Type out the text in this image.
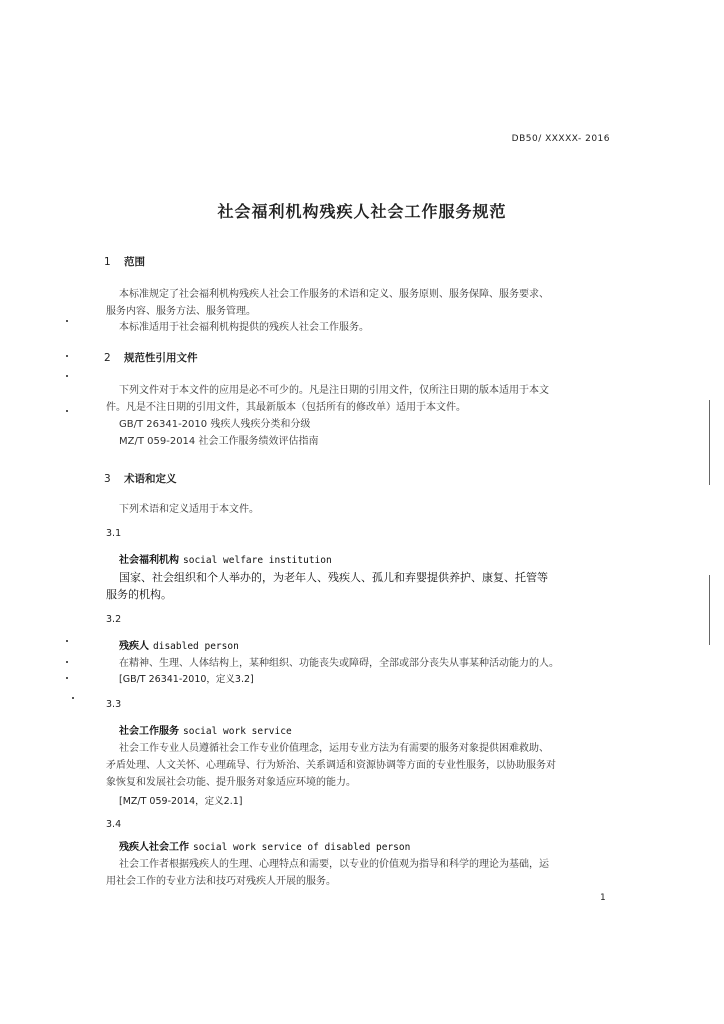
DB50/ XXXXX- 2016
社会福利机构残疾人社会工作服务规范
1 范围
本标准规定了社会福利机构残疾人社会工作服务的术语和定义、服务原则、服务保障、服务要求、
服务内容、服务方法、服务管理。
本标准适用于社会福利机构提供的残疾人社会工作服务。
2 规范性引用文件
下列文件对于本文件的应用是必不可少的。凡是注日期的引用文件，仅所注日期的版本适用于本文
件。凡是不注日期的引用文件，其最新版本（包括所有的修改单）适用于本文件。
GB/T 26341-2010 残疾人残疾分类和分级
MZ/T 059-2014 社会工作服务绩效评估指南
3 术语和定义
下列术语和定义适用于本文件。
3.1
社会福利机构 social welfare institution
国家、社会组织和个人举办的，为老年人、残疾人、孤儿和弃婴提供养护、康复、托管等
服务的机构。
3.2
残疾人 disabled person
在精神、生理、人体结构上，某种组织、功能丧失或障碍，全部或部分丧失从事某种活动能力的人。
[GB/T 26341-2010，定义3.2]
3.3
社会工作服务 social work service
社会工作专业人员遵循社会工作专业价值理念，运用专业方法为有需要的服务对象提供困难救助、
矛盾处理、人文关怀、心理疏导、行为矫治、关系调适和资源协调等方面的专业性服务，以协助服务对
象恢复和发展社会功能、提升服务对象适应环境的能力。
[MZ/T 059-2014，定义2.1]
3.4
残疾人社会工作 social work service of disabled person
社会工作者根据残疾人的生理、心理特点和需要，以专业的价值观为指导和科学的理论为基础，运
用社会工作的专业方法和技巧对残疾人开展的服务。
1
